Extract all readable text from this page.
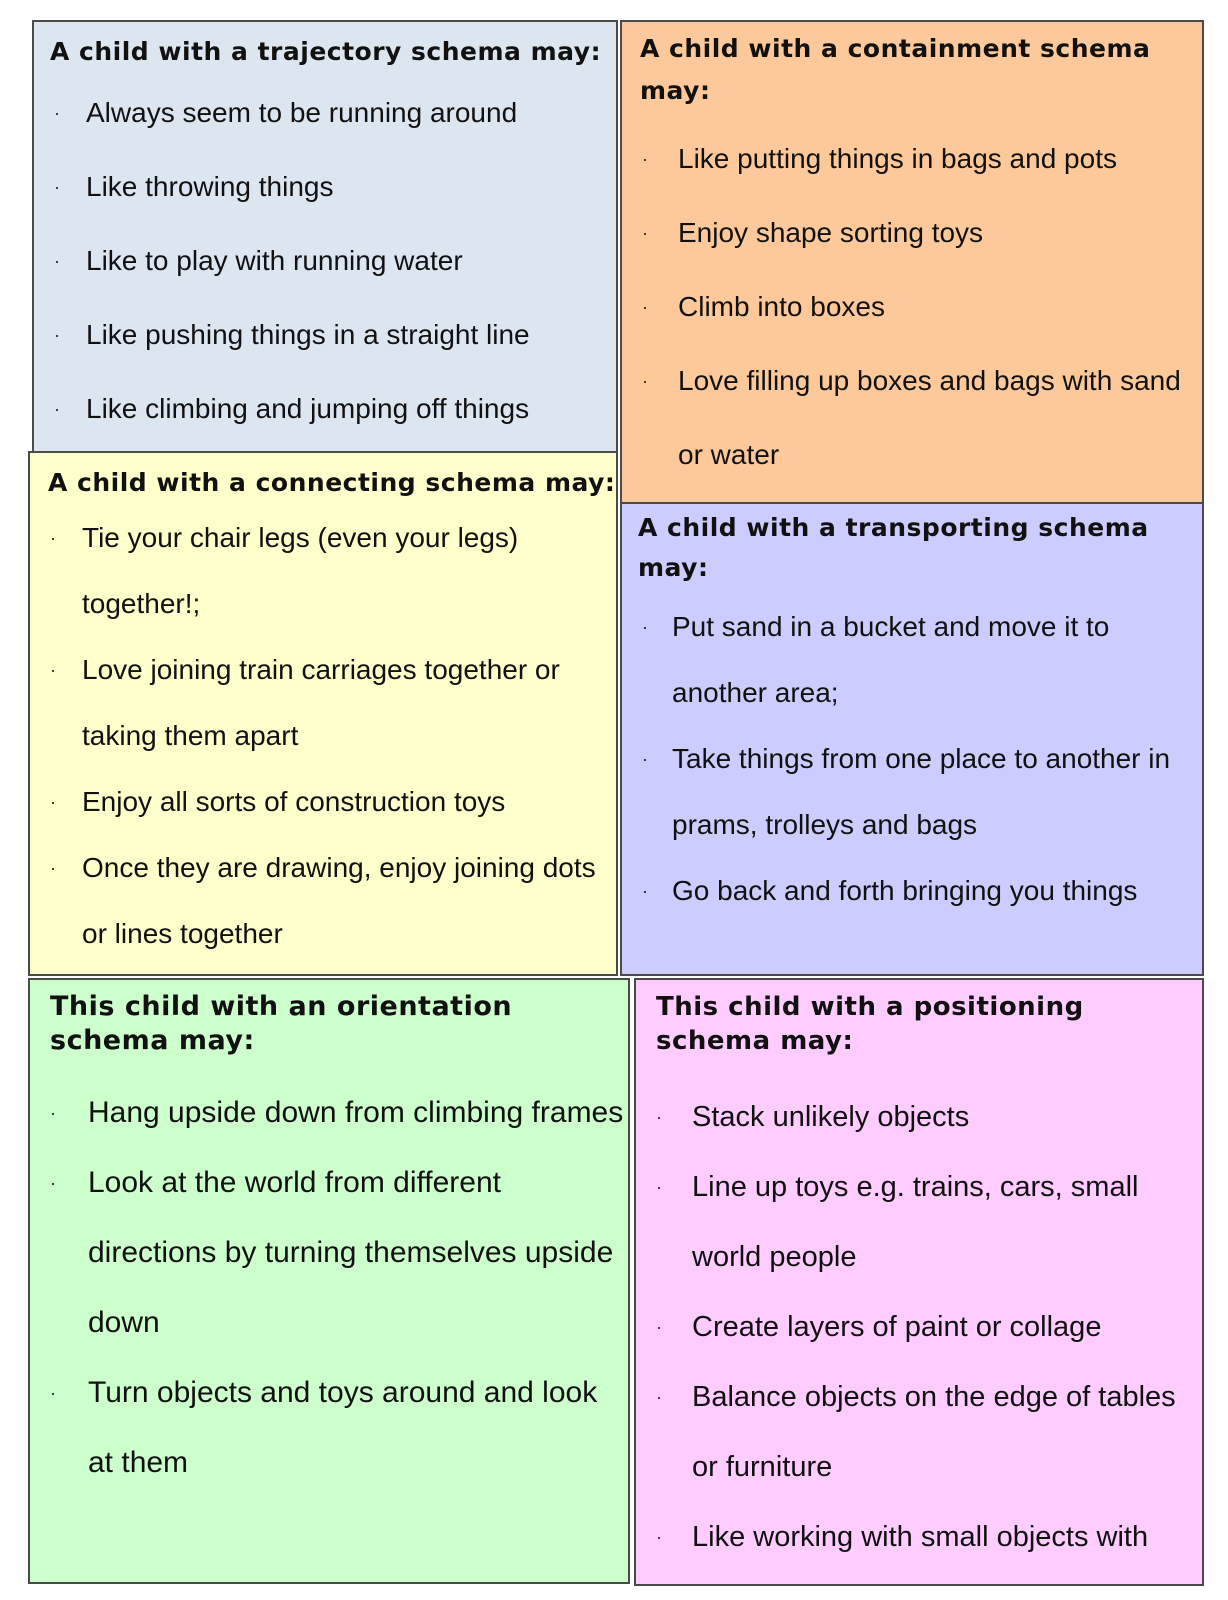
A child with a trajectory schema may:
· Always seem to be running around
· Like throwing things
· Like to play with running water
· Like pushing things in a straight line
· Like climbing and jumping off things
A child with a containment schema may:
· Like putting things in bags and pots
· Enjoy shape sorting toys
· Climb into boxes
· Love filling up boxes and bags with sand or water
A child with a connecting schema may:
· Tie your chair legs (even your legs) together!;
· Love joining train carriages together or taking them apart
· Enjoy all sorts of construction toys
· Once they are drawing, enjoy joining dots or lines together
A child with a transporting schema may:
· Put sand in a bucket and move it to another area;
· Take things from one place to another in prams, trolleys and bags
· Go back and forth bringing you things
This child with an orientation schema may:
· Hang upside down from climbing frames
· Look at the world from different directions by turning themselves upside down
· Turn objects and toys around and look at them
This child with a positioning schema may:
· Stack unlikely objects
· Line up toys e.g. trains, cars, small world people
· Create layers of paint or collage
· Balance objects on the edge of tables or furniture
· Like working with small objects with
